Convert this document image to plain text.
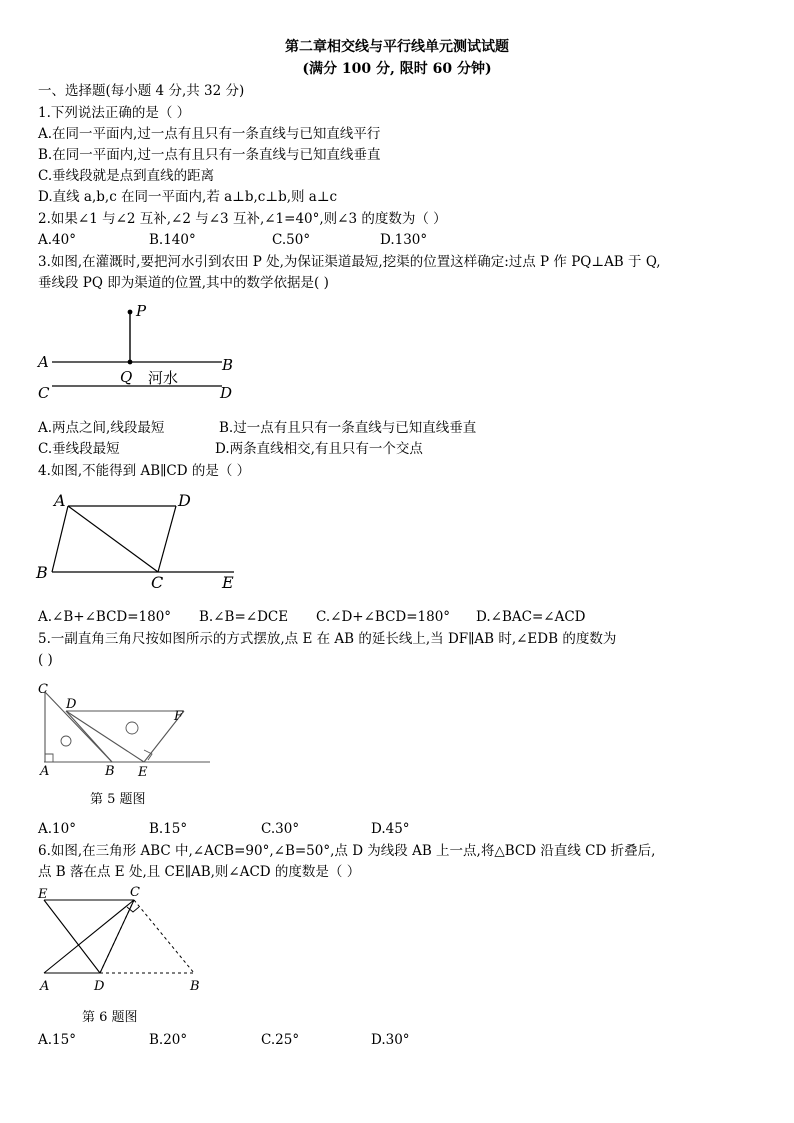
第二章相交线与平行线单元测试试题
(满分 100 分, 限时 60 分钟)
一、选择题(每小题 4 分,共 32 分)
1.下列说法正确的是（ ）
A.在同一平面内,过一点有且只有一条直线与已知直线平行
B.在同一平面内,过一点有且只有一条直线与已知直线垂直
C.垂线段就是点到直线的距离
D.直线 a,b,c 在同一平面内,若 a⊥b,c⊥b,则 a⊥c
2.如果∠1 与∠2 互补,∠2 与∠3 互补,∠1=40°,则∠3 的度数为（ ）
A.40°	B.140°	C.50°	D.130°
3.如图,在灌溉时,要把河水引到农田 P 处,为保证渠道最短,挖渠的位置这样确定:过点 P 作 PQ⊥AB 于 Q,
垂线段 PQ 即为渠道的位置,其中的数学依据是( )
P
A	B
Q 河水
C	D
A.两点之间,线段最短	B.过一点有且只有一条直线与已知直线垂直
C.垂线段最短	D.两条直线相交,有且只有一个交点
4.如图,不能得到 AB∥CD 的是（ ）
A	D
B
C	E
A.∠B+∠BCD=180° B.∠B=∠DCE C.∠D+∠BCD=180° D.∠BAC=∠ACD
5.一副直角三角尺按如图所示的方式摆放,点 E 在 AB 的延长线上,当 DF∥AB 时,∠EDB 的度数为
( )
C
D
F
A	B E
第 5 题图
A.10°	B.15°	C.30°	D.45°
6.如图,在三角形 ABC 中,∠ACB=90°,∠B=50°,点 D 为线段 AB 上一点,将△BCD 沿直线 CD 折叠后,
点 B 落在点 E 处,且 CE∥AB,则∠ACD 的度数是（ ）
E	C
A	D	B
第 6 题图
A.15°	B.20°	C.25°	D.30°
